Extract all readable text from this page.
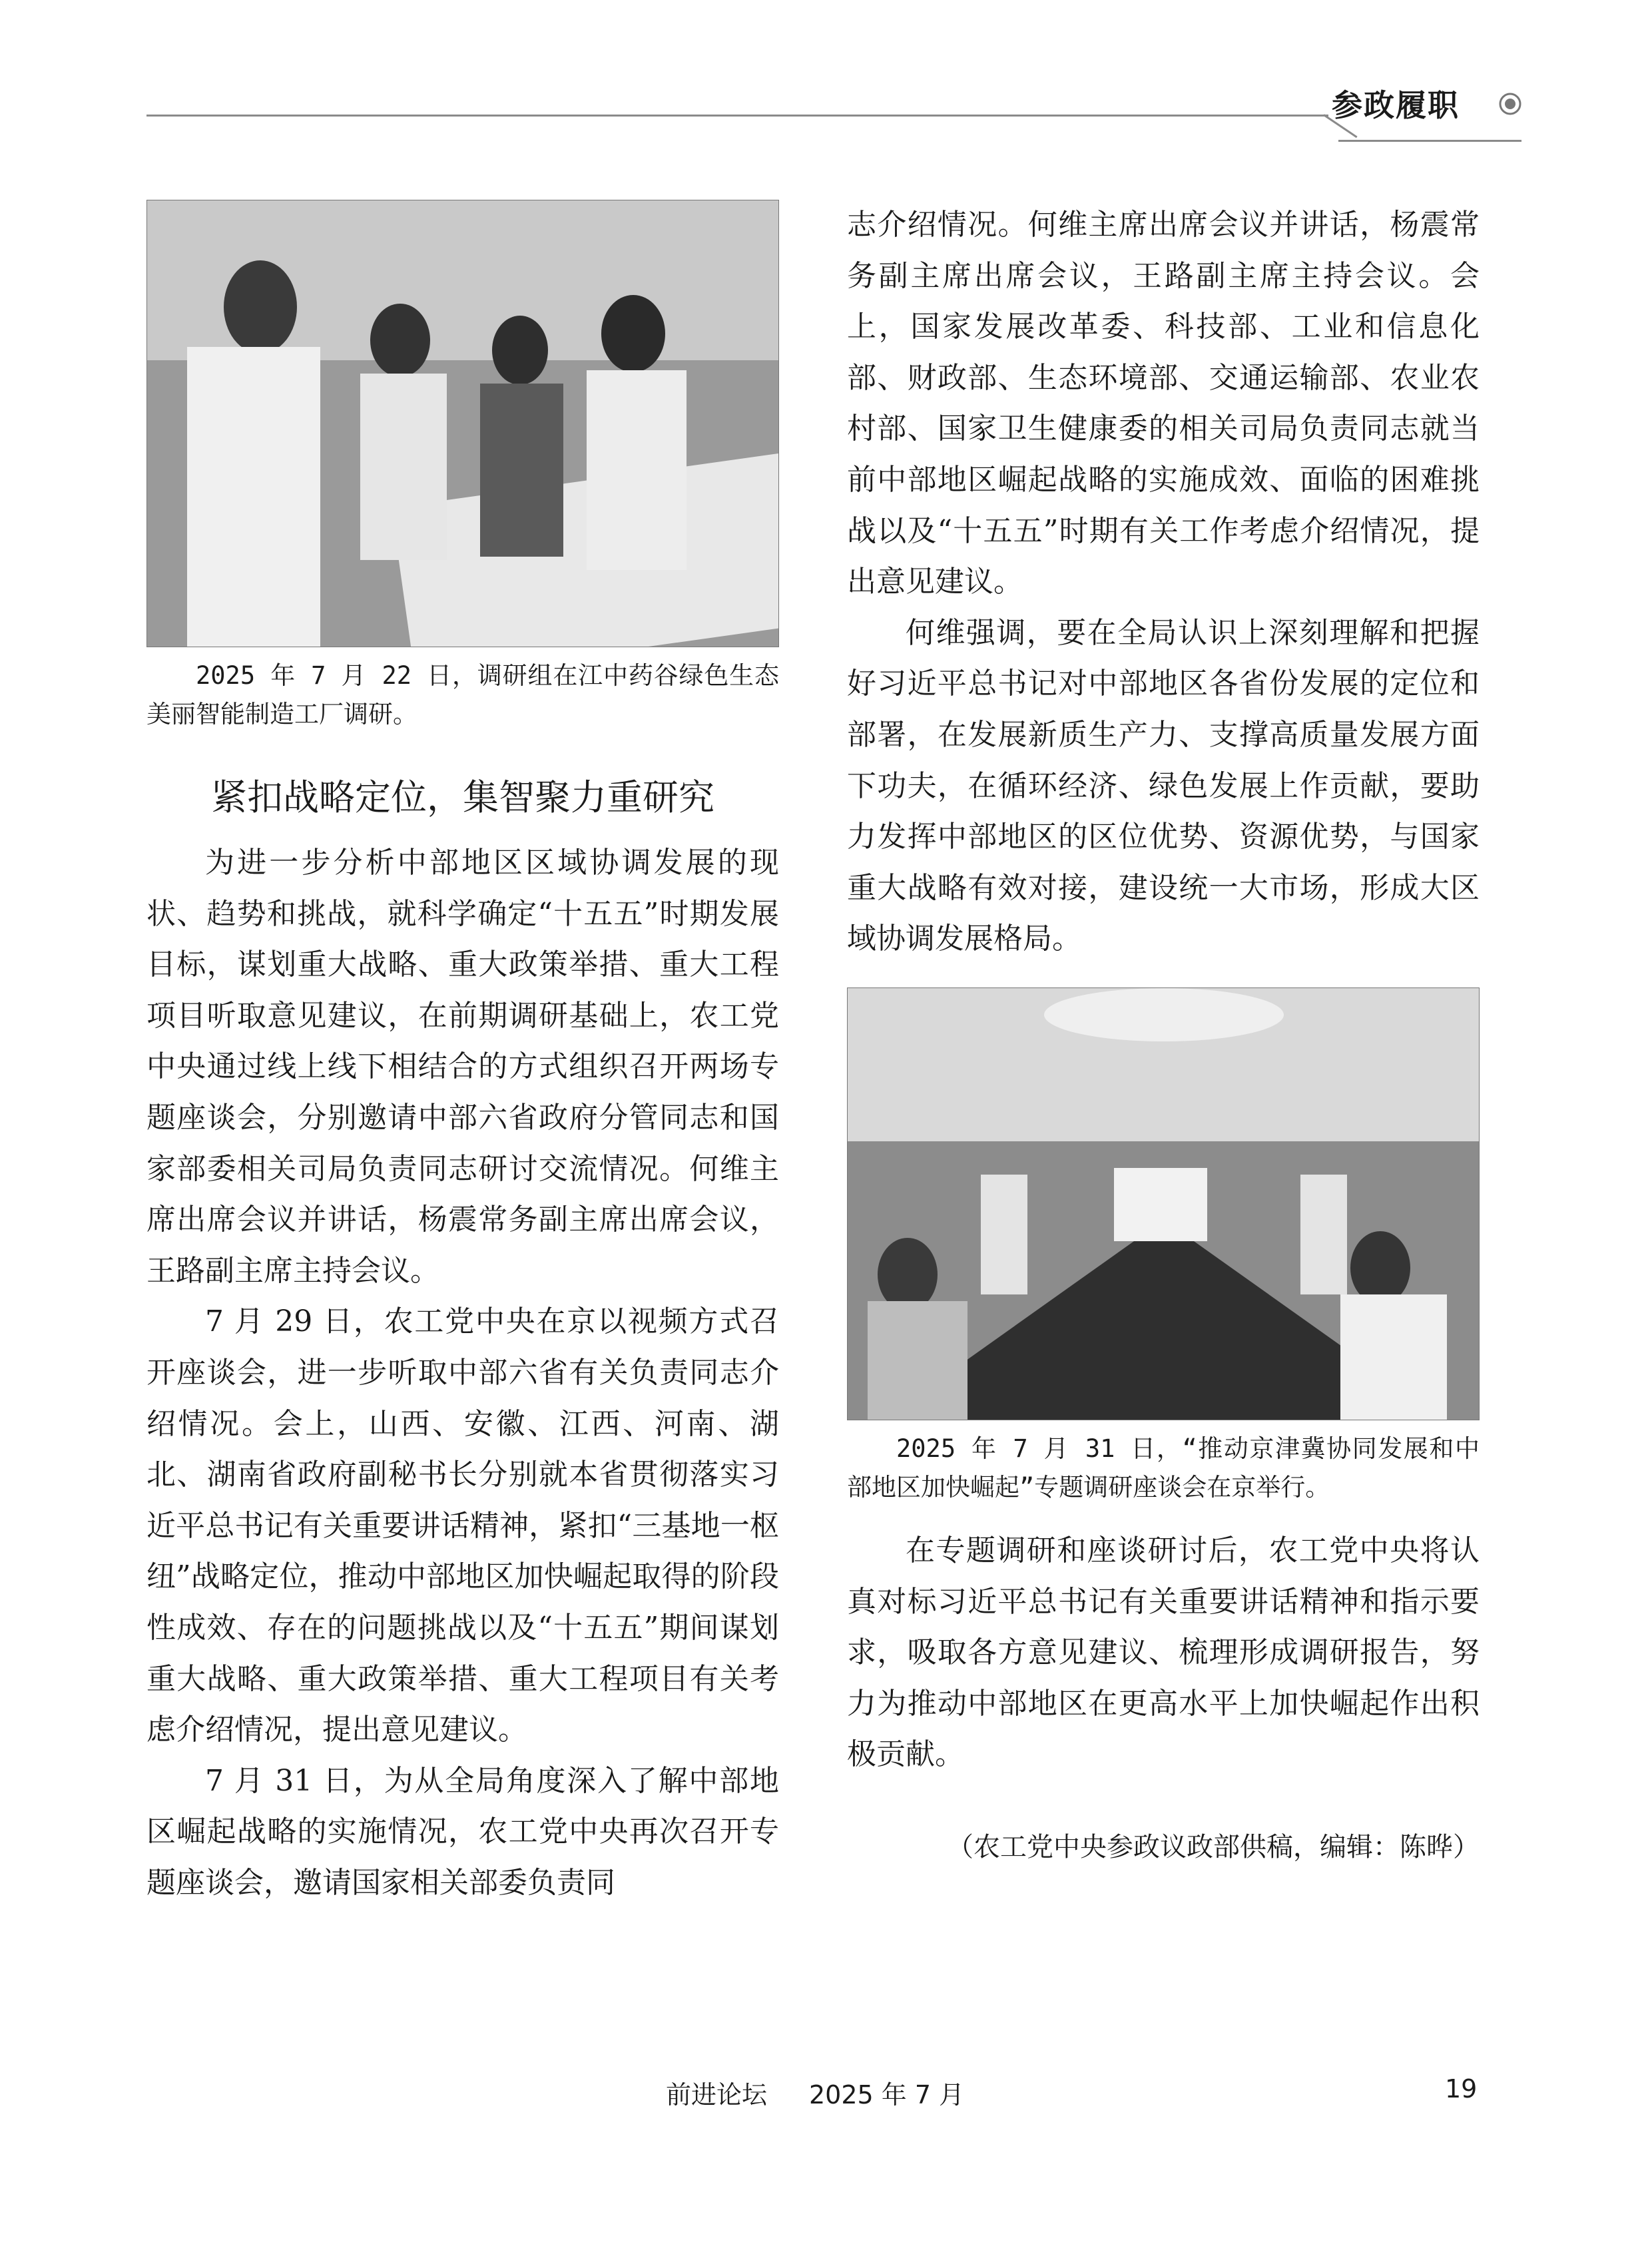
参政履职

2025 年 7 月 22 日，调研组在江中药谷绿色生态美丽智能制造工厂调研。

紧扣战略定位，集智聚力重研究

为进一步分析中部地区区域协调发展的现状、趋势和挑战，就科学确定“十五五”时期发展目标，谋划重大战略、重大政策举措、重大工程项目听取意见建议，在前期调研基础上，农工党中央通过线上线下相结合的方式组织召开两场专题座谈会，分别邀请中部六省政府分管同志和国家部委相关司局负责同志研讨交流情况。何维主席出席会议并讲话，杨震常务副主席出席会议，王路副主席主持会议。

7 月 29 日，农工党中央在京以视频方式召开座谈会，进一步听取中部六省有关负责同志介绍情况。会上，山西、安徽、江西、河南、湖北、湖南省政府副秘书长分别就本省贯彻落实习近平总书记有关重要讲话精神，紧扣“三基地一枢纽”战略定位，推动中部地区加快崛起取得的阶段性成效、存在的问题挑战以及“十五五”期间谋划重大战略、重大政策举措、重大工程项目有关考虑介绍情况，提出意见建议。

7 月 31 日，为从全局角度深入了解中部地区崛起战略的实施情况，农工党中央再次召开专题座谈会，邀请国家相关部委负责同

志介绍情况。何维主席出席会议并讲话，杨震常务副主席出席会议，王路副主席主持会议。会上，国家发展改革委、科技部、工业和信息化部、财政部、生态环境部、交通运输部、农业农村部、国家卫生健康委的相关司局负责同志就当前中部地区崛起战略的实施成效、面临的困难挑战以及“十五五”时期有关工作考虑介绍情况，提出意见建议。

何维强调，要在全局认识上深刻理解和把握好习近平总书记对中部地区各省份发展的定位和部署，在发展新质生产力、支撑高质量发展方面下功夫，在循环经济、绿色发展上作贡献，要助力发挥中部地区的区位优势、资源优势，与国家重大战略有效对接，建设统一大市场，形成大区域协调发展格局。

2025 年 7 月 31 日，“推动京津冀协同发展和中部地区加快崛起”专题调研座谈会在京举行。

在专题调研和座谈研讨后，农工党中央将认真对标习近平总书记有关重要讲话精神和指示要求，吸取各方意见建议、梳理形成调研报告，努力为推动中部地区在更高水平上加快崛起作出积极贡献。

（农工党中央参政议政部供稿，编辑：陈晔）
前进论坛 2025 年 7 月	19
